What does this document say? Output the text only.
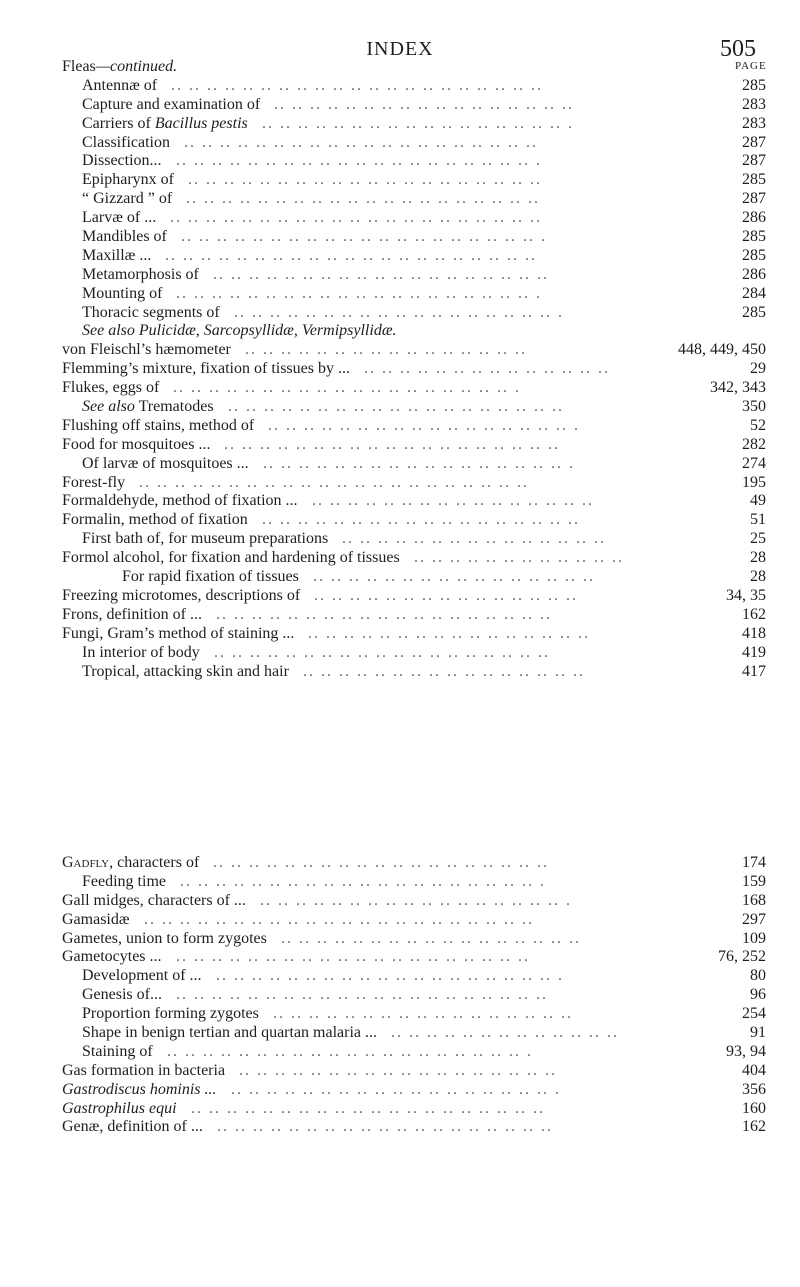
INDEX	505
PAGE
Fleas—continued.
Antennæ of .. .. .. .. .. .. .. .. .. .. .. .. .. .. .. .. .. .. .. .. ..	285
Capture and examination of .. .. .. .. .. .. .. .. .. .. .. .. .. .. .. .. ..	283
Carriers of Bacillus pestis .. .. .. .. .. .. .. .. .. .. .. .. .. .. .. .. .. .	283
Classification .. .. .. .. .. .. .. .. .. .. .. .. .. .. .. .. .. .. .. ..	287
Dissection... .. .. .. .. .. .. .. .. .. .. .. .. .. .. .. .. .. .. .. .. .	287
Epipharynx of .. .. .. .. .. .. .. .. .. .. .. .. .. .. .. .. .. .. .. ..	285
“ Gizzard ” of .. .. .. .. .. .. .. .. .. .. .. .. .. .. .. .. .. .. .. ..	287
Larvæ of ... .. .. .. .. .. .. .. .. .. .. .. .. .. .. .. .. .. .. .. .. ..	286
Mandibles of .. .. .. .. .. .. .. .. .. .. .. .. .. .. .. .. .. .. .. .. .	285
Maxillæ ... .. .. .. .. .. .. .. .. .. .. .. .. .. .. .. .. .. .. .. .. ..	285
Metamorphosis of .. .. .. .. .. .. .. .. .. .. .. .. .. .. .. .. .. .. ..	286
Mounting of .. .. .. .. .. .. .. .. .. .. .. .. .. .. .. .. .. .. .. .. .	284
Thoracic segments of .. .. .. .. .. .. .. .. .. .. .. .. .. .. .. .. .. .. .	285
See also Pulicidæ, Sarcopsyllidæ, Vermipsyllidæ.
von Fleischl’s hæmometer .. .. .. .. .. .. .. .. .. .. .. .. .. .. .. ..	448, 449, 450
Flemming’s mixture, fixation of tissues by ... .. .. .. .. .. .. .. .. .. .. .. .. .. ..	29
Flukes, eggs of .. .. .. .. .. .. .. .. .. .. .. .. .. .. .. .. .. .. .. .	342, 343
See also Trematodes .. .. .. .. .. .. .. .. .. .. .. .. .. .. .. .. .. .. ..	350
Flushing off stains, method of .. .. .. .. .. .. .. .. .. .. .. .. .. .. .. .. .. .	52
Food for mosquitoes ... .. .. .. .. .. .. .. .. .. .. .. .. .. .. .. .. .. .. ..	282
Of larvæ of mosquitoes ... .. .. .. .. .. .. .. .. .. .. .. .. .. .. .. .. .. .	274
Forest-fly .. .. .. .. .. .. .. .. .. .. .. .. .. .. .. .. .. .. .. .. .. ..	195
Formaldehyde, method of fixation ... .. .. .. .. .. .. .. .. .. .. .. .. .. .. .. ..	49
Formalin, method of fixation .. .. .. .. .. .. .. .. .. .. .. .. .. .. .. .. .. ..	51
First bath of, for museum preparations .. .. .. .. .. .. .. .. .. .. .. .. .. .. ..	25
Formol alcohol, for fixation and hardening of tissues .. .. .. .. .. .. .. .. .. .. .. ..	28
For rapid fixation of tissues .. .. .. .. .. .. .. .. .. .. .. .. .. .. .. ..	28
Freezing microtomes, descriptions of .. .. .. .. .. .. .. .. .. .. .. .. .. .. ..	34, 35
Frons, definition of ... .. .. .. .. .. .. .. .. .. .. .. .. .. .. .. .. .. .. ..	162
Fungi, Gram’s method of staining ... .. .. .. .. .. .. .. .. .. .. .. .. .. .. .. ..	418
In interior of body .. .. .. .. .. .. .. .. .. .. .. .. .. .. .. .. .. .. ..	419
Tropical, attacking skin and hair .. .. .. .. .. .. .. .. .. .. .. .. .. .. .. ..	417
Gadfly, characters of .. .. .. .. .. .. .. .. .. .. .. .. .. .. .. .. .. .. ..	174
Feeding time .. .. .. .. .. .. .. .. .. .. .. .. .. .. .. .. .. .. .. .. .	159
Gall midges, characters of ... .. .. .. .. .. .. .. .. .. .. .. .. .. .. .. .. .. .	168
Gamasidæ .. .. .. .. .. .. .. .. .. .. .. .. .. .. .. .. .. .. .. .. .. ..	297
Gametes, union to form zygotes .. .. .. .. .. .. .. .. .. .. .. .. .. .. .. .. ..	109
Gametocytes ... .. .. .. .. .. .. .. .. .. .. .. .. .. .. .. .. .. .. .. ..	76, 252
Development of ... .. .. .. .. .. .. .. .. .. .. .. .. .. .. .. .. .. .. .. .	80
Genesis of... .. .. .. .. .. .. .. .. .. .. .. .. .. .. .. .. .. .. .. .. ..	96
Proportion forming zygotes .. .. .. .. .. .. .. .. .. .. .. .. .. .. .. .. ..	254
Shape in benign tertian and quartan malaria ... .. .. .. .. .. .. .. .. .. .. .. .. ..	91
Staining of .. .. .. .. .. .. .. .. .. .. .. .. .. .. .. .. .. .. .. .. .	93, 94
Gas formation in bacteria .. .. .. .. .. .. .. .. .. .. .. .. .. .. .. .. .. ..	404
Gastrodiscus hominis ... .. .. .. .. .. .. .. .. .. .. .. .. .. .. .. .. .. .. .	356
Gastrophilus equi .. .. .. .. .. .. .. .. .. .. .. .. .. .. .. .. .. .. .. ..	160
Genæ, definition of ... .. .. .. .. .. .. .. .. .. .. .. .. .. .. .. .. .. .. ..	162
